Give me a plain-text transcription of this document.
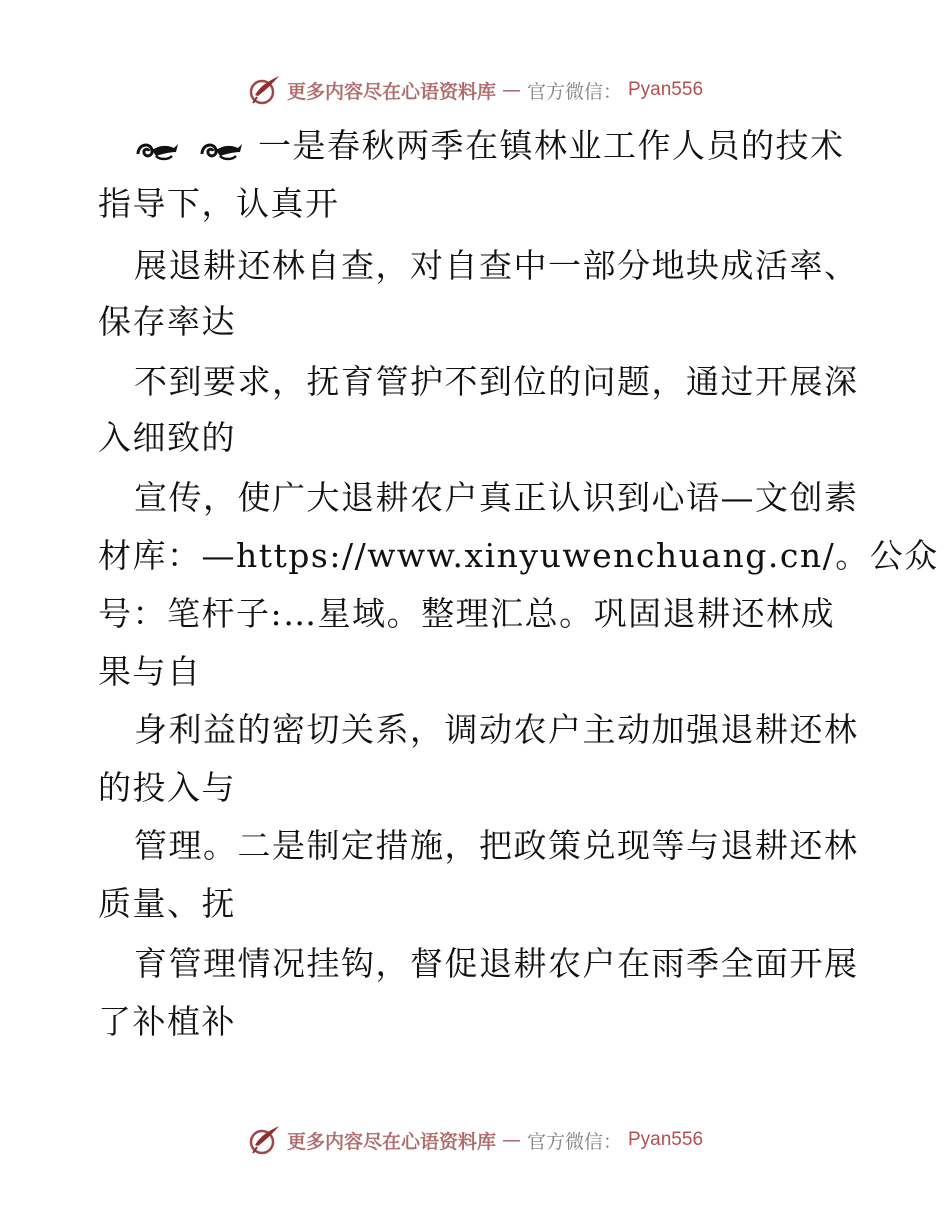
更多内容尽在心语资料库 — 官方微信： Pyan556
一是春秋两季在镇林业工作人员的技术
指导下，认真开
展退耕还林自查，对自查中一部分地块成活率、
保存率达
不到要求，抚育管护不到位的问题，通过开展深
入细致的
宣传，使广大退耕农户真正认识到心语—文创素
材库：—https://www.xinyuwenchuang.cn/。公众
号：笔杆子:…星域。整理汇总。巩固退耕还林成
果与自
身利益的密切关系，调动农户主动加强退耕还林
的投入与
管理。二是制定措施，把政策兑现等与退耕还林
质量、抚
育管理情况挂钩，督促退耕农户在雨季全面开展
了补植补
更多内容尽在心语资料库 — 官方微信： Pyan556
